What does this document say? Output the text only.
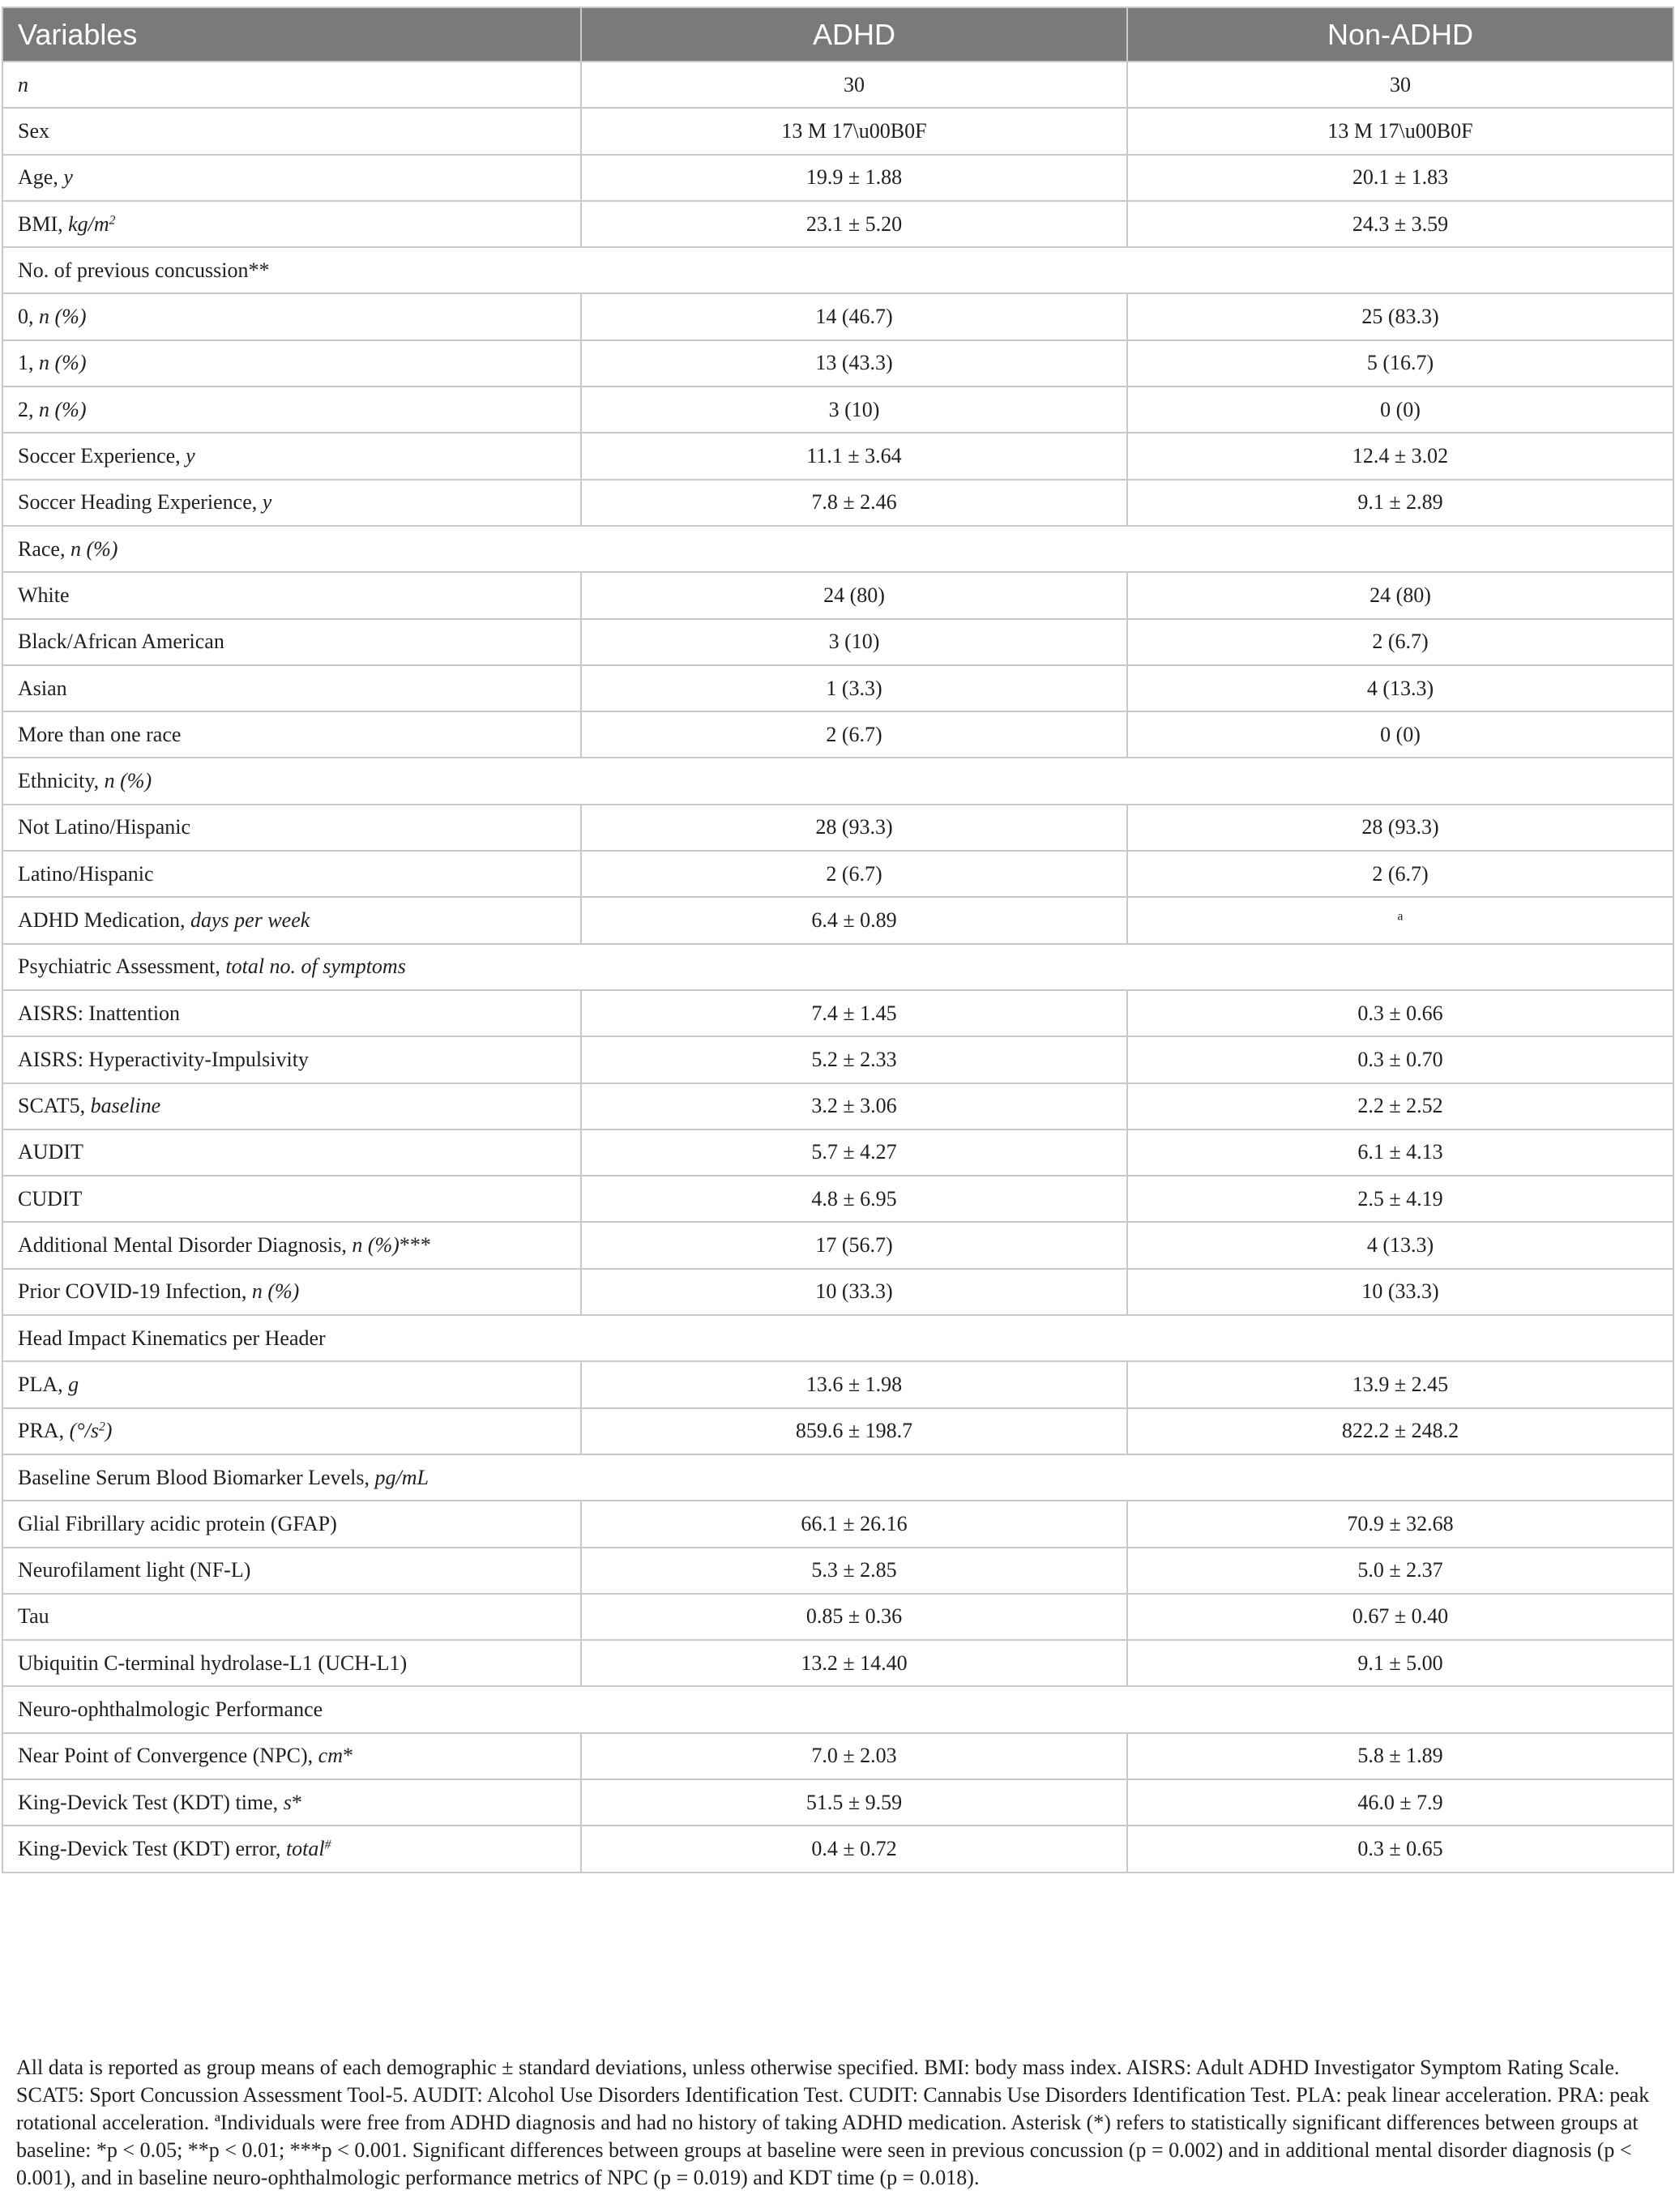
Variables	ADHD	Non-ADHD
n	30	30
Sex	13 M 17\u00B0F	13 M 17\u00B0F
Age, y	19.9 ± 1.88	20.1 ± 1.83
BMI, $kg/m^2$	23.1 ± 5.20	24.3 ± 3.59
No. of previous concussion**		
0, n (%)	14 (46.7)	25 (83.3)
1, n (%)	13 (43.3)	5 (16.7)
2, n (%)	3 (10)	0 (0)
Soccer Experience, y	11.1 ± 3.64	12.4 ± 3.02
Soccer Heading Experience, y	7.8 ± 2.46	9.1 ± 2.89
Race, n (%)		
White	24 (80)	24 (80)
Black/African American	3 (10)	2 (6.7)
Asian	1 (3.3)	4 (13.3)
More than one race	2 (6.7)	0 (0)
Ethnicity, n (%)		
Not Latino/Hispanic	28 (93.3)	28 (93.3)
Latino/Hispanic	2 (6.7)	2 (6.7)
ADHD Medication, days per week	6.4 ± 0.89	$^a$
Psychiatric Assessment, total no. of symptoms		
AISRS: Inattention	7.4 ± 1.45	0.3 ± 0.66
AISRS: Hyperactivity-Impulsivity	5.2 ± 2.33	0.3 ± 0.70
SCAT5, baseline	3.2 ± 3.06	2.2 ± 2.52
AUDIT	5.7 ± 4.27	6.1 ± 4.13
CUDIT	4.8 ± 6.95	2.5 ± 4.19
Additional Mental Disorder Diagnosis, n (%)***	17 (56.7)	4 (13.3)
Prior COVID-19 Infection, n (%)	10 (33.3)	10 (33.3)
Head Impact Kinematics per Header		
PLA, g	13.6 ± 1.98	13.9 ± 2.45
PRA, $(^\circ/s^2)$	859.6 ± 198.7	822.2 ± 248.2
Baseline Serum Blood Biomarker Levels, pg/mL		
Glial Fibrillary acidic protein (GFAP)	66.1 ± 26.16	70.9 ± 32.68
Neurofilament light (NF-L)	5.3 ± 2.85	5.0 ± 2.37
Tau	0.85 ± 0.36	0.67 ± 0.40
Ubiquitin C-terminal hydrolase-L1 (UCH-L1)	13.2 ± 14.40	9.1 ± 5.00
Neuro-ophthalmologic Performance		
Near Point of Convergence (NPC), cm*	7.0 ± 2.03	5.8 ± 1.89
King-Devick Test (KDT) time, s*	51.5 ± 9.59	46.0 ± 7.9
King-Devick Test (KDT) error, total#	0.4 ± 0.72	0.3 ± 0.65

All data is reported as group means of each demographic ± standard deviations, unless otherwise specified. BMI: body mass index. AISRS: Adult ADHD Investigator Symptom Rating Scale. SCAT5: Sport Concussion Assessment Tool-5. AUDIT: Alcohol Use Disorders Identification Test. CUDIT: Cannabis Use Disorders Identification Test. PLA: peak linear acceleration. PRA: peak rotational acceleration. ªIndividuals were free from ADHD diagnosis and had no history of taking ADHD medication. Asterisk (*) refers to statistically significant differences between groups at baseline: *p < 0.05; **p < 0.01; ***p < 0.001. Significant differences between groups at baseline were seen in previous concussion (p = 0.002) and in additional mental disorder diagnosis (p < 0.001), and in baseline neuro-ophthalmologic performance metrics of NPC (p = 0.019) and KDT time (p = 0.018).
